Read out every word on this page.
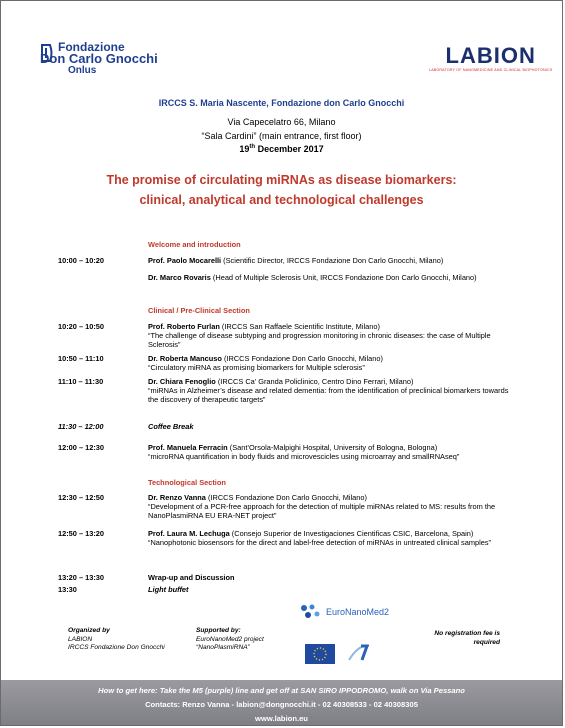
Fondazione
Don Carlo Gnocchi
Onlus
LABION
LABORATORY OF NANOMEDICINE AND CLINICAL BIOPHOTONICS
IRCCS S. Maria Nascente, Fondazione don Carlo Gnocchi
Via Capecelatro 66, Milano
“Sala Cardini” (main entrance, first floor)
19th December 2017
The promise of circulating miRNAs as disease biomarkers:
clinical, analytical and technological challenges
Welcome and introduction
10:00 – 10:20	Prof. Paolo Mocarelli (Scientific Director, IRCCS Fondazione Don Carlo Gnocchi, Milano)
Dr. Marco Rovaris (Head of Multiple Sclerosis Unit, IRCCS Fondazione Don Carlo Gnocchi, Milano)
Clinical / Pre-Clinical Section
10:20 – 10:50	Prof. Roberto Furlan (IRCCS San Raffaele Scientific Institute, Milano)
“The challenge of disease subtyping and progression monitoring in chronic diseases: the case of Multiple Sclerosis”
10:50 – 11:10	Dr. Roberta Mancuso (IRCCS Fondazione Don Carlo Gnocchi, Milano)
“Circulatory miRNA as promising biomarkers for Multiple sclerosis”
11:10 – 11:30	Dr. Chiara Fenoglio (IRCCS Ca’ Granda Policlinico, Centro Dino Ferrari, Milano)
“miRNAs in Alzheimer’s disease and related dementia: from the identification of preclinical biomarkers towards the discovery of therapeutic targets”
11:30 – 12:00	Coffee Break
12:00 – 12:30	Prof. Manuela Ferracin (Sant’Orsola-Malpighi Hospital, University of Bologna, Bologna)
“microRNA quantification in body fluids and microvescicles using microarray and smallRNAseq”
Technological Section
12:30 – 12:50	Dr. Renzo Vanna (IRCCS Fondazione Don Carlo Gnocchi, Milano)
“Development of a PCR-free approach for the detection of multiple miRNAs related to MS: results from the NanoPlasmiRNA EU ERA-NET project”
12:50 – 13:20	Prof. Laura M. Lechuga (Consejo Superior de Investigaciones Cientificas CSIC, Barcelona, Spain)
“Nanophotonic biosensors for the direct and label-free detection of miRNAs in untreated clinical samples”
13:20 – 13:30	Wrap-up and Discussion
13:30	Light buffet
Organized by
LABION
IRCCS Fondazione Don Gnocchi
Supported by:
EuroNanoMed2 project
“NanoPlasmiRNA”
EuroNanoMed2
No registration fee is
required
How to get here: Take the M5 (purple) line and get off at SAN SIRO IPPODROMO, walk on Via Pessano
Contacts: Renzo Vanna - labion@dongnocchi.it - 02 40308533 - 02 40308305
www.labion.eu
